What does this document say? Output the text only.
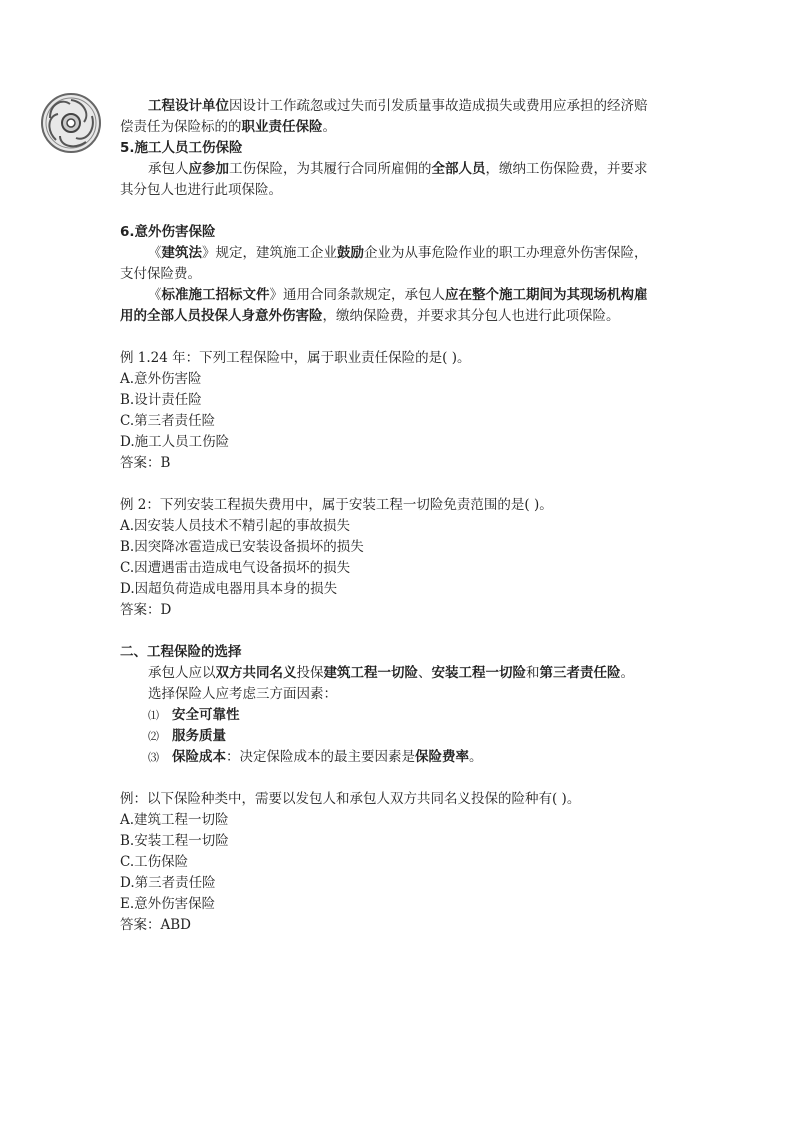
工程设计单位因设计工作疏忽或过失而引发质量事故造成损失或费用应承担的经济赔
偿责任为保险标的的职业责任保险。
5.施工人员工伤保险
承包人应参加工伤保险，为其履行合同所雇佣的全部人员，缴纳工伤保险费，并要求
其分包人也进行此项保险。
6.意外伤害保险
《建筑法》规定，建筑施工企业鼓励企业为从事危险作业的职工办理意外伤害保险，
支付保险费。
《标准施工招标文件》通用合同条款规定，承包人应在整个施工期间为其现场机构雇
用的全部人员投保人身意外伤害险，缴纳保险费，并要求其分包人也进行此项保险。
例 1.24 年：下列工程保险中，属于职业责任保险的是( )。
A.意外伤害险
B.设计责任险
C.第三者责任险
D.施工人员工伤险
答案：B
例 2：下列安装工程损失费用中，属于安装工程一切险免责范围的是( )。
A.因安装人员技术不精引起的事故损失
B.因突降冰雹造成已安装设备损坏的损失
C.因遭遇雷击造成电气设备损坏的损失
D.因超负荷造成电器用具本身的损失
答案：D
二、工程保险的选择
承包人应以双方共同名义投保建筑工程一切险、安装工程一切险和第三者责任险。
选择保险人应考虑三方面因素：
⑴ 安全可靠性
⑵ 服务质量
⑶ 保险成本：决定保险成本的最主要因素是保险费率。
例：以下保险种类中，需要以发包人和承包人双方共同名义投保的险种有( )。
A.建筑工程一切险
B.安装工程一切险
C.工伤保险
D.第三者责任险
E.意外伤害保险
答案：ABD
